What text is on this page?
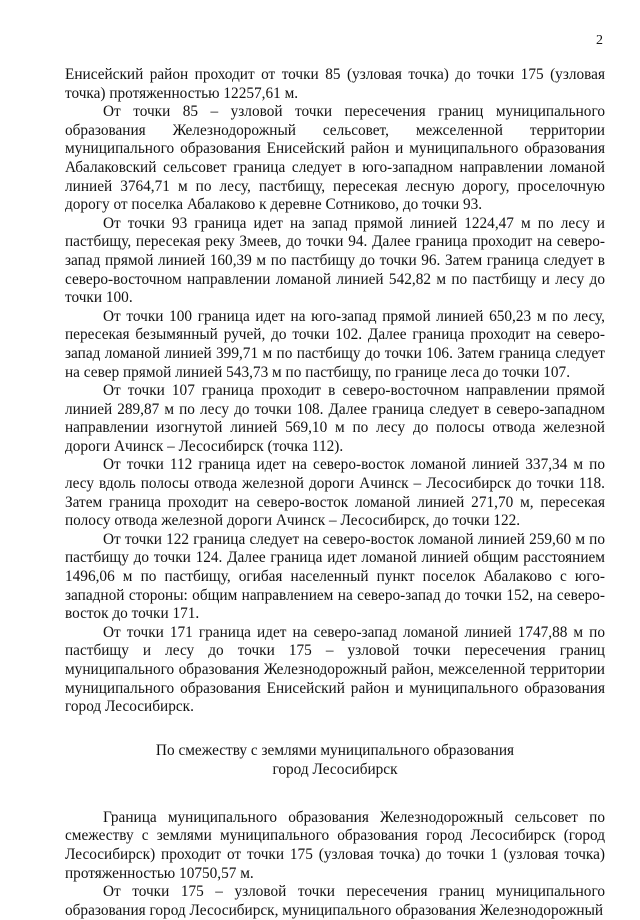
2

Енисейский район проходит от точки 85 (узловая точка) до точки 175 (узловая точка) протяженностью 12257,61 м.

От точки 85 – узловой точки пересечения границ муниципального образования Железнодорожный сельсовет, межселенной территории муниципального образования Енисейский район и муниципального образования Абалаковский сельсовет граница следует в юго-западном направлении ломаной линией 3764,71 м по лесу, пастбищу, пересекая лесную дорогу, проселочную дорогу от поселка Абалаково к деревне Сотниково, до точки 93.

От точки 93 граница идет на запад прямой линией 1224,47 м по лесу и пастбищу, пересекая реку Змеев, до точки 94. Далее граница проходит на северо-запад прямой линией 160,39 м по пастбищу до точки 96. Затем граница следует в северо-восточном направлении ломаной линией 542,82 м по пастбищу и лесу до точки 100.

От точки 100 граница идет на юго-запад прямой линией 650,23 м по лесу, пересекая безымянный ручей, до точки 102. Далее граница проходит на северо-запад ломаной линией 399,71 м по пастбищу до точки 106. Затем граница следует на север прямой линией 543,73 м по пастбищу, по границе леса до точки 107.

От точки 107 граница проходит в северо-восточном направлении прямой линией 289,87 м по лесу до точки 108. Далее граница следует в северо-западном направлении изогнутой линией 569,10 м по лесу до полосы отвода железной дороги Ачинск – Лесосибирск (точка 112).

От точки 112 граница идет на северо-восток ломаной линией 337,34 м по лесу вдоль полосы отвода железной дороги Ачинск – Лесосибирск до точки 118. Затем граница проходит на северо-восток ломаной линией 271,70 м, пересекая полосу отвода железной дороги Ачинск – Лесосибирск, до точки 122.

От точки 122 граница следует на северо-восток ломаной линией 259,60 м по пастбищу до точки 124. Далее граница идет ломаной линией общим расстоянием 1496,06 м по пастбищу, огибая населенный пункт поселок Абалаково с юго-западной стороны: общим направлением на северо-запад до точки 152, на северо-восток до точки 171.

От точки 171 граница идет на северо-запад ломаной линией 1747,88 м по пастбищу и лесу до точки 175 – узловой точки пересечения границ муниципального образования Железнодорожный район, межселенной территории муниципального образования Енисейский район и муниципального образования город Лесосибирск.

По смежеству с землями муниципального образования
город Лесосибирск

Граница муниципального образования Железнодорожный сельсовет по смежеству с землями муниципального образования город Лесосибирск (город Лесосибирск) проходит от точки 175 (узловая точка) до точки 1 (узловая точка) протяженностью 10750,57 м.

От точки 175 – узловой точки пересечения границ муниципального образования город Лесосибирск, муниципального образования Железнодорожный
